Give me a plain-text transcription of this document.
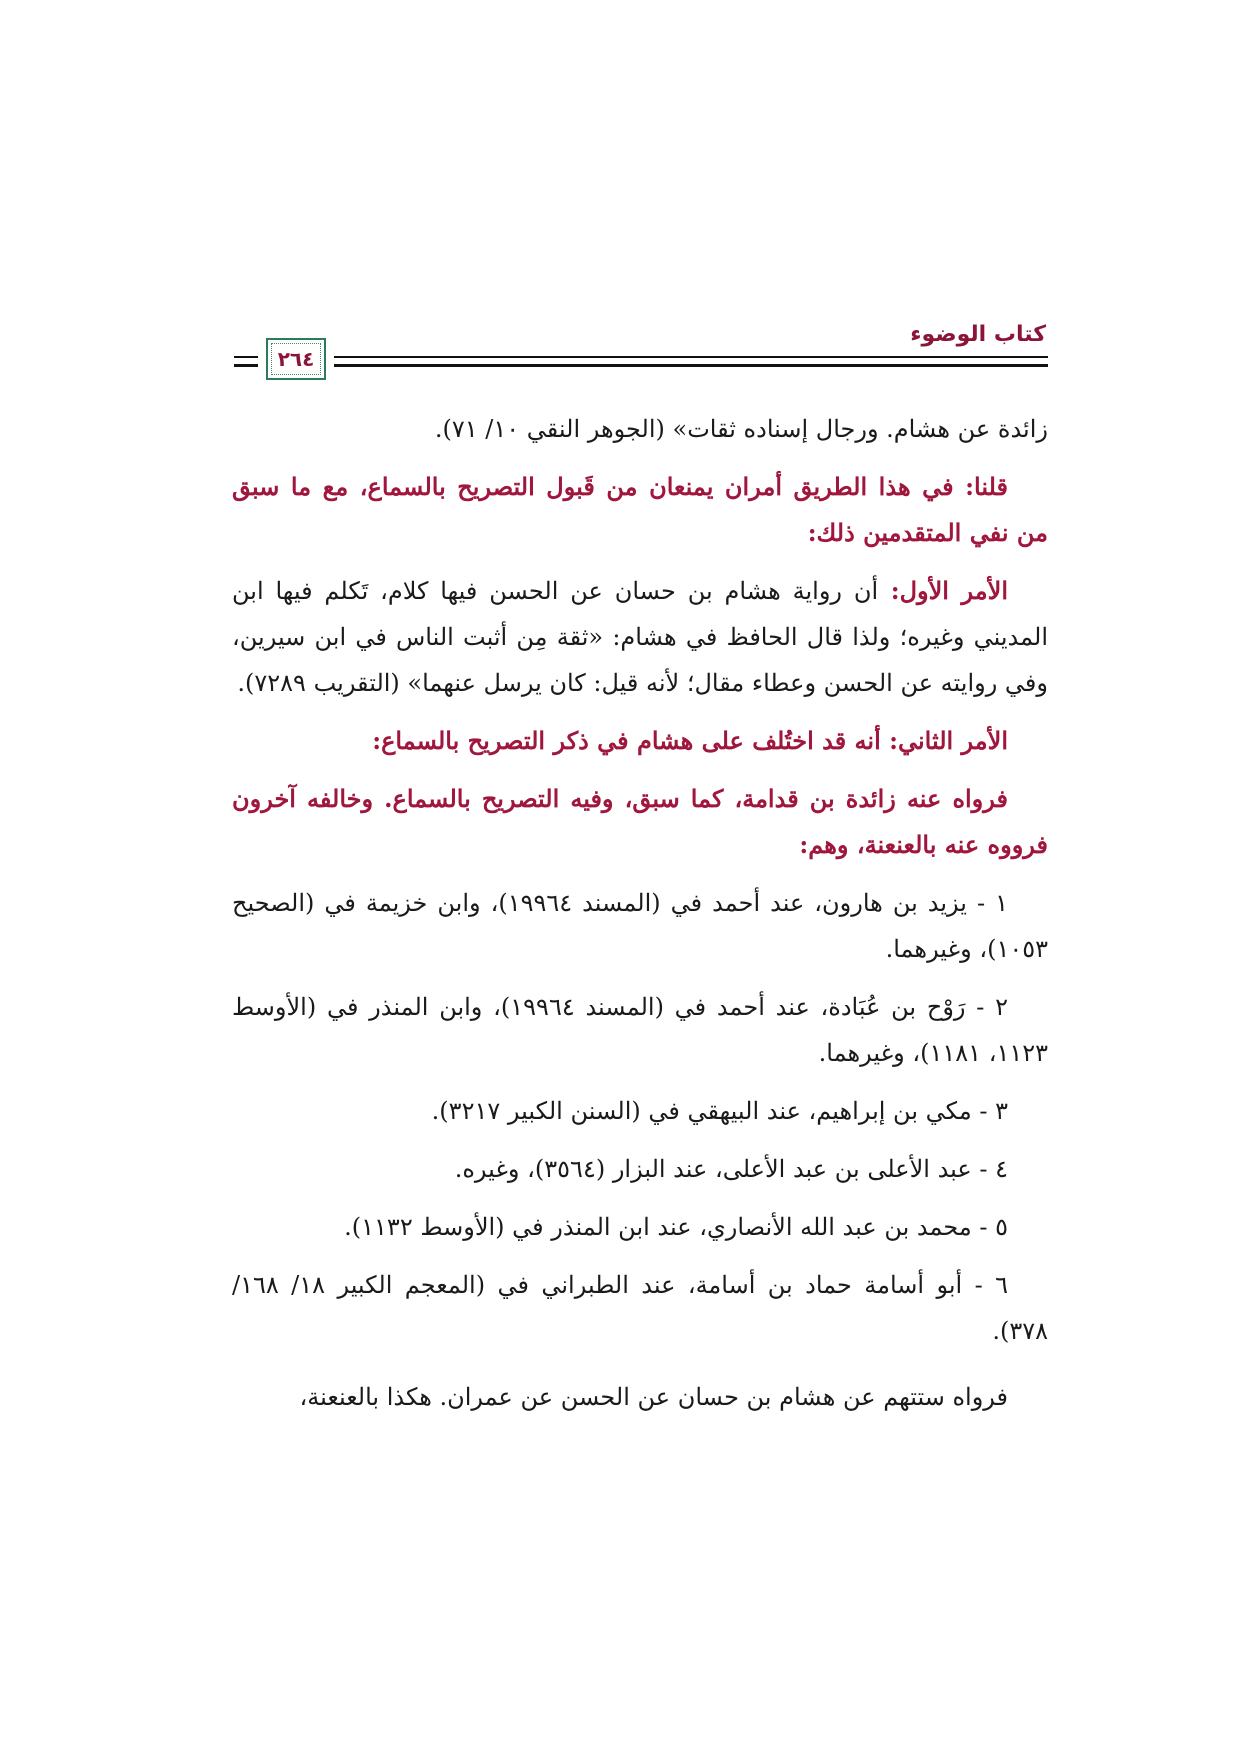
٢٦٤
كتاب الوضوء

زائدة عن هشام. ورجال إسناده ثقات» (الجوهر النقي ١٠/ ٧١).

قلنا: في هذا الطريق أمران يمنعان من قَبول التصريح بالسماع، مع ما سبق من نفي المتقدمين ذلك:

الأمر الأول: أن رواية هشام بن حسان عن الحسن فيها كلام، تَكلم فيها ابن المديني وغيره؛ ولذا قال الحافظ في هشام: «ثقة مِن أثبت الناس في ابن سيرين، وفي روايته عن الحسن وعطاء مقال؛ لأنه قيل: كان يرسل عنهما» (التقريب ٧٢٨٩).

الأمر الثاني: أنه قد اختُلف على هشام في ذكر التصريح بالسماع:

فرواه عنه زائدة بن قدامة، كما سبق، وفيه التصريح بالسماع. وخالفه آخرون فرووه عنه بالعنعنة، وهم:

١ - يزيد بن هارون، عند أحمد في (المسند ١٩٩٦٤)، وابن خزيمة في (الصحيح ١٠٥٣)، وغيرهما.

٢ - رَوْح بن عُبَادة، عند أحمد في (المسند ١٩٩٦٤)، وابن المنذر في (الأوسط ١١٢٣، ١١٨١)، وغيرهما.

٣ - مكي بن إبراهيم، عند البيهقي في (السنن الكبير ٣٢١٧).

٤ - عبد الأعلى بن عبد الأعلى، عند البزار (٣٥٦٤)، وغيره.

٥ - محمد بن عبد الله الأنصاري، عند ابن المنذر في (الأوسط ١١٣٢).

٦ - أبو أسامة حماد بن أسامة، عند الطبراني في (المعجم الكبير ١٨/ ١٦٨/ ٣٧٨).

فرواه ستتهم عن هشام بن حسان عن الحسن عن عمران. هكذا بالعنعنة،
